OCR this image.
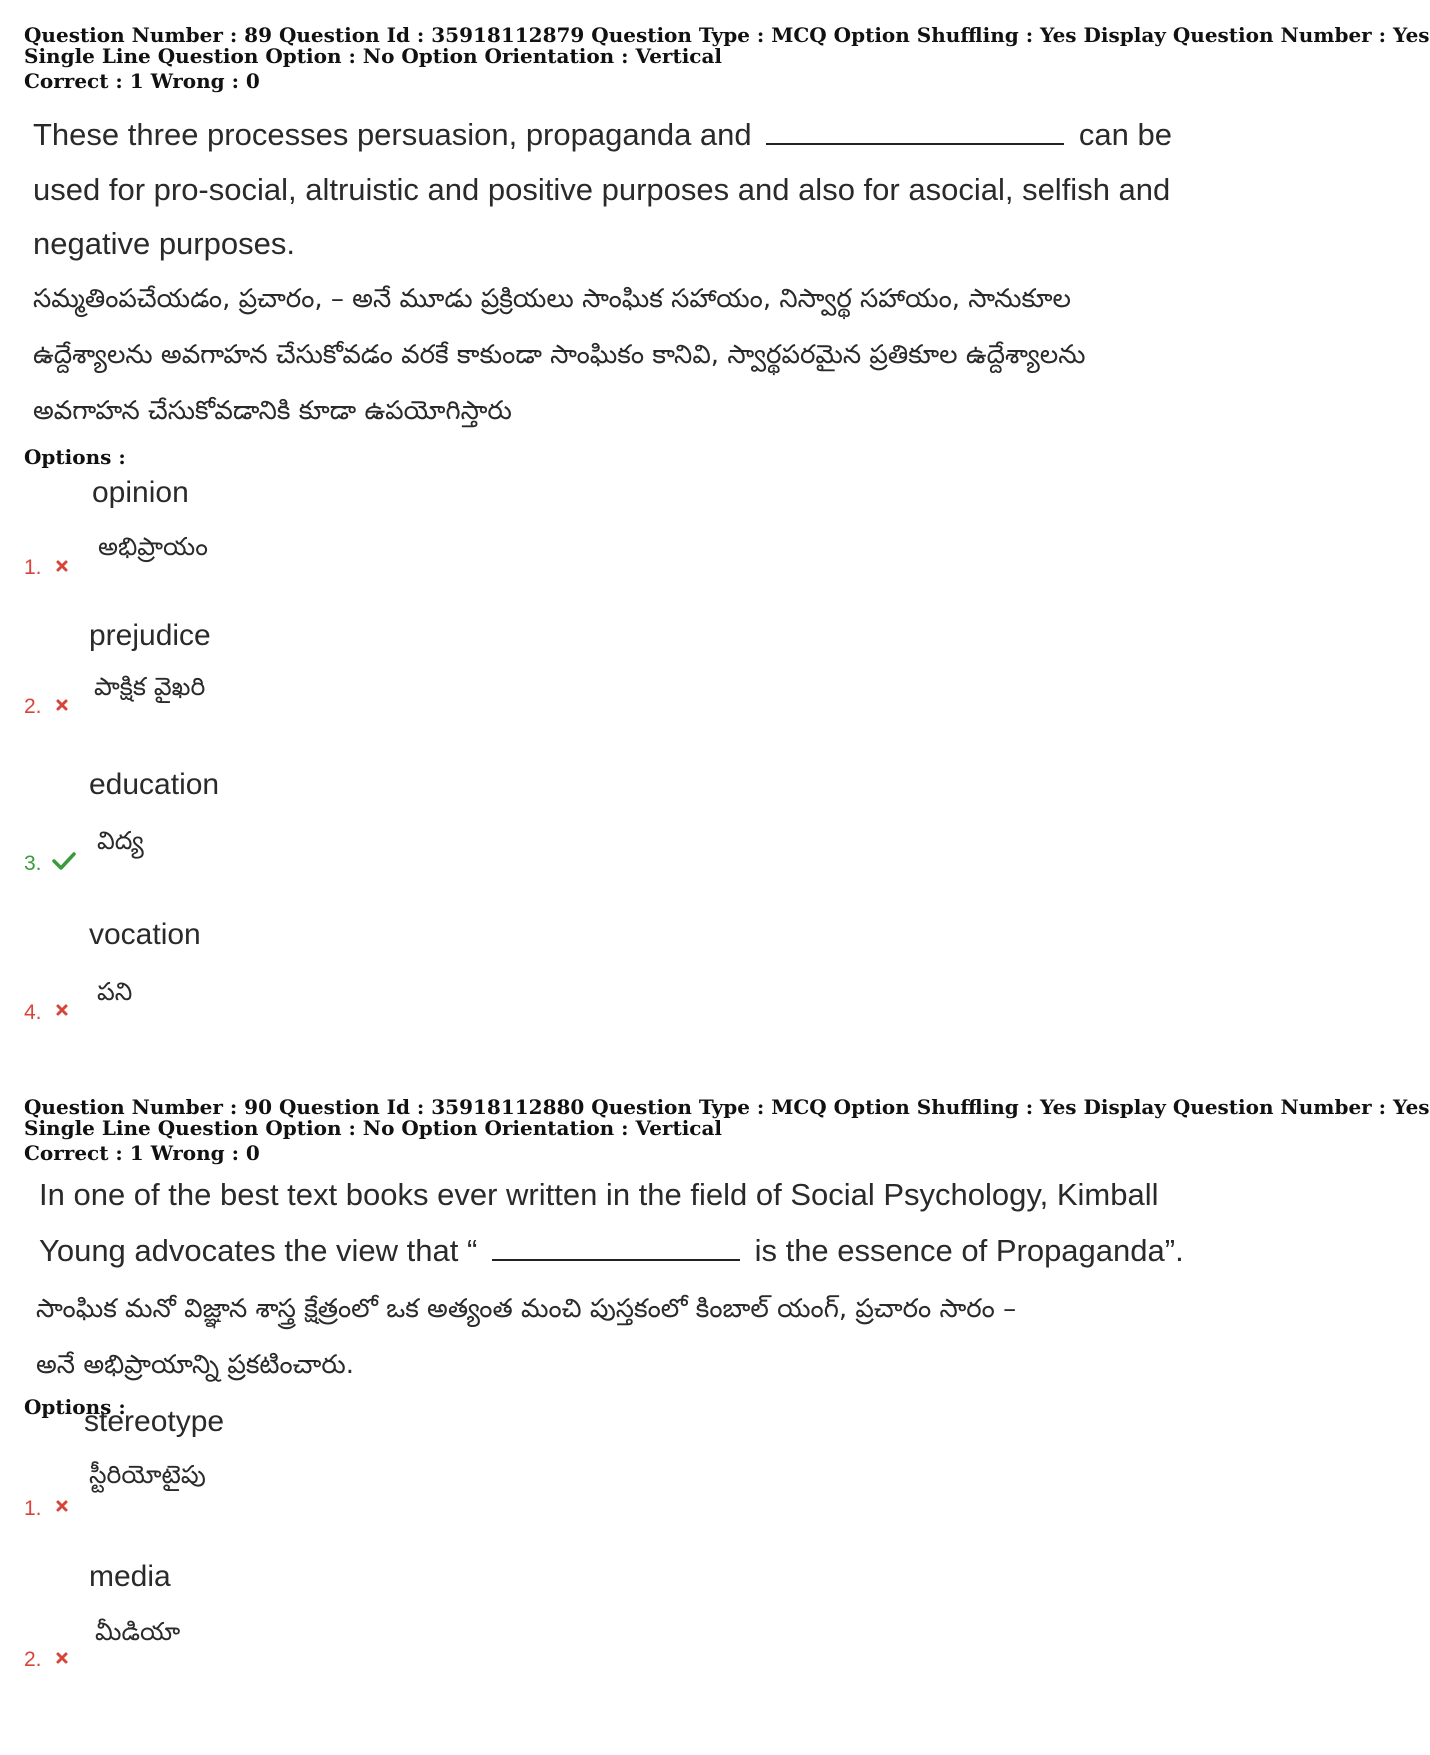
Question Number : 89 Question Id : 35918112879 Question Type : MCQ Option Shuffling : Yes Display Question Number : Yes
Single Line Question Option : No Option Orientation : Vertical
Correct : 1 Wrong : 0
These three processes persuasion, propaganda and	can be
used for pro-social, altruistic and positive purposes and also for asocial, selfish and
negative purposes.
సమ్మతింపచేయడం, ప్రచారం, – అనే మూడు ప్రక్రియలు సాంఘిక సహాయం, నిస్వార్థ సహాయం, సానుకూల
ఉద్దేశ్యాలను అవగాహన చేసుకోవడం వరకే కాకుండా సాంఘికం కానివి, స్వార్థపరమైన ప్రతికూల ఉద్దేశ్యాలను
అవగాహన చేసుకోవడానికి కూడా ఉపయోగిస్తారు
Options :
opinion
అభిప్రాయం
1.
prejudice
పాక్షిక వైఖరి
2.
education
విద్య
3.
vocation
పని
4.
Question Number : 90 Question Id : 35918112880 Question Type : MCQ Option Shuffling : Yes Display Question Number : Yes
Single Line Question Option : No Option Orientation : Vertical
Correct : 1 Wrong : 0
In one of the best text books ever written in the field of Social Psychology, Kimball
Young advocates the view that “	is the essence of Propaganda”.
సాంఘిక మనో విజ్ఞాన శాస్త్ర క్షేత్రంలో ఒక అత్యంత మంచి పుస్తకంలో కింబాల్ యంగ్, ప్రచారం సారం –
అనే అభిప్రాయాన్ని ప్రకటించారు.
Options :
stereotype
స్టీరియోటైపు
1.
media
మీడియా
2.
